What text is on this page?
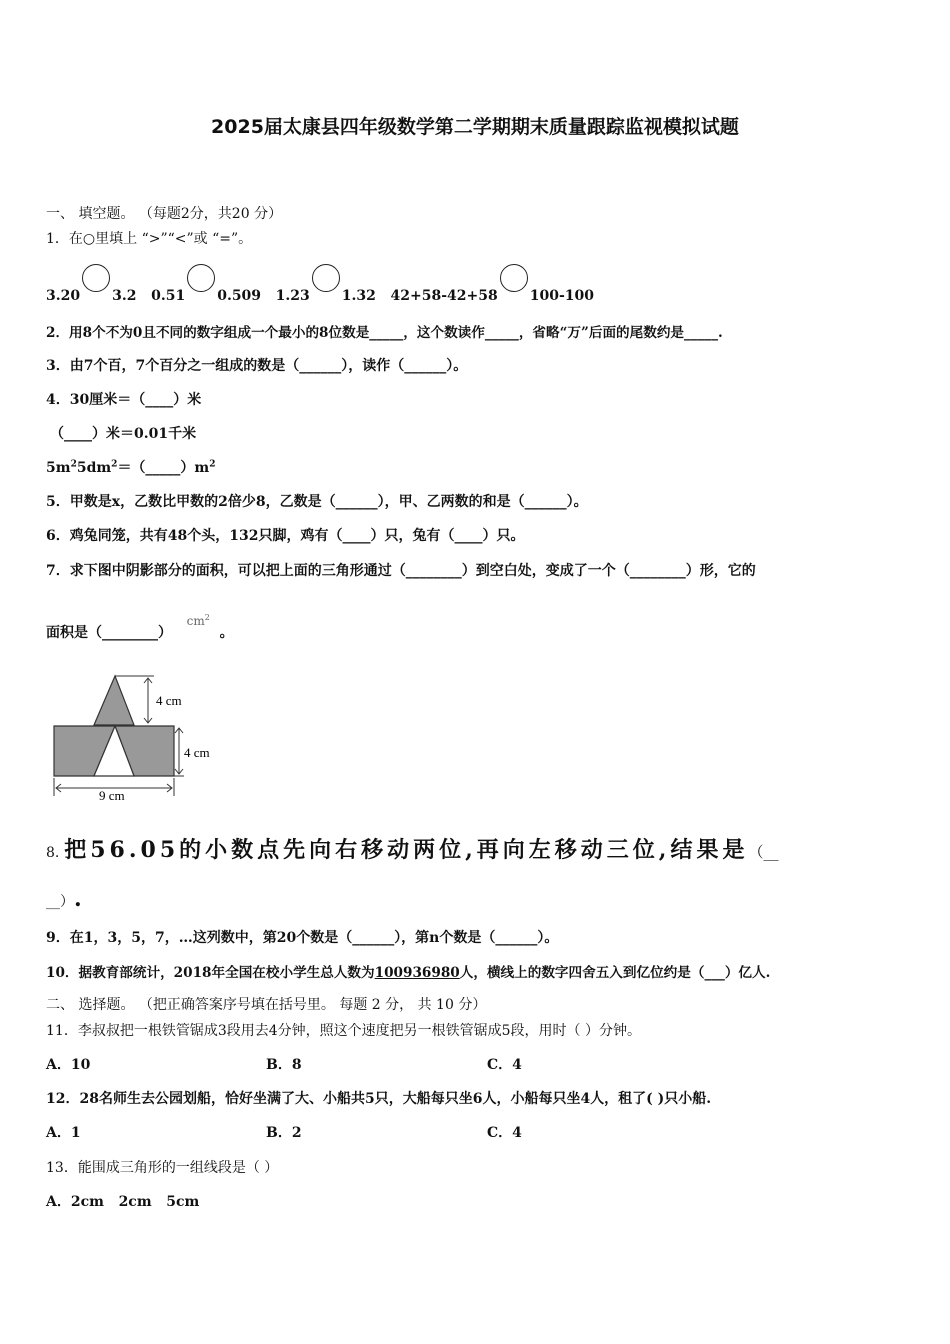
2025届太康县四年级数学第二学期期末质量跟踪监视模拟试题
一、 填空题。 （每题2分，共20 分）
1．在○里填上 “>”“<”或 “=”。
3.20 3.2 0.51 0.509 1.23 1.32 42+58-42+58 100-100
2．用8个不为0且不同的数字组成一个最小的8位数是_____，这个数读作_____，省略“万”后面的尾数约是_____.
3．由7个百，7个百分之一组成的数是（______），读作（______）。
4．30厘米＝（____）米
（____）米＝0.01千米
$5m^25dm^2=(\_\_\_\_\_)m^2$
5．甲数是x，乙数比甲数的2倍少8，乙数是（______），甲、乙两数的和是（______）。
6．鸡兔同笼，共有48个头，132只脚，鸡有（____）只，兔有（____）只。
7．求下图中阴影部分的面积，可以把上面的三角形通过（________）到空白处，变成了一个（________）形，它的
面积是（________）   $cm^2$  。
4 cm
4 cm
9 cm
8. 把56.05的小数点先向右移动两位,再向左移动三位,结果是（__
__）.
9．在1，3，5，7，…这列数中，第20个数是（______），第n个数是（______）。
10．据教育部统计，2018年全国在校小学生总人数为100936980人，横线上的数字四舍五入到亿位约是（___）亿人.
二、 选择题。 （把正确答案序号填在括号里。 每题 2 分， 共 10 分）
11．李叔叔把一根铁管锯成3段用去4分钟，照这个速度把另一根铁管锯成5段，用时（ ）分钟。
A．10	B．8	C．4
12．28名师生去公园划船，恰好坐满了大、小船共5只，大船每只坐6人，小船每只坐4人，租了( )只小船.
A．1	B．2	C．4
13．能围成三角形的一组线段是（ ）
A．2cm   2cm   5cm
